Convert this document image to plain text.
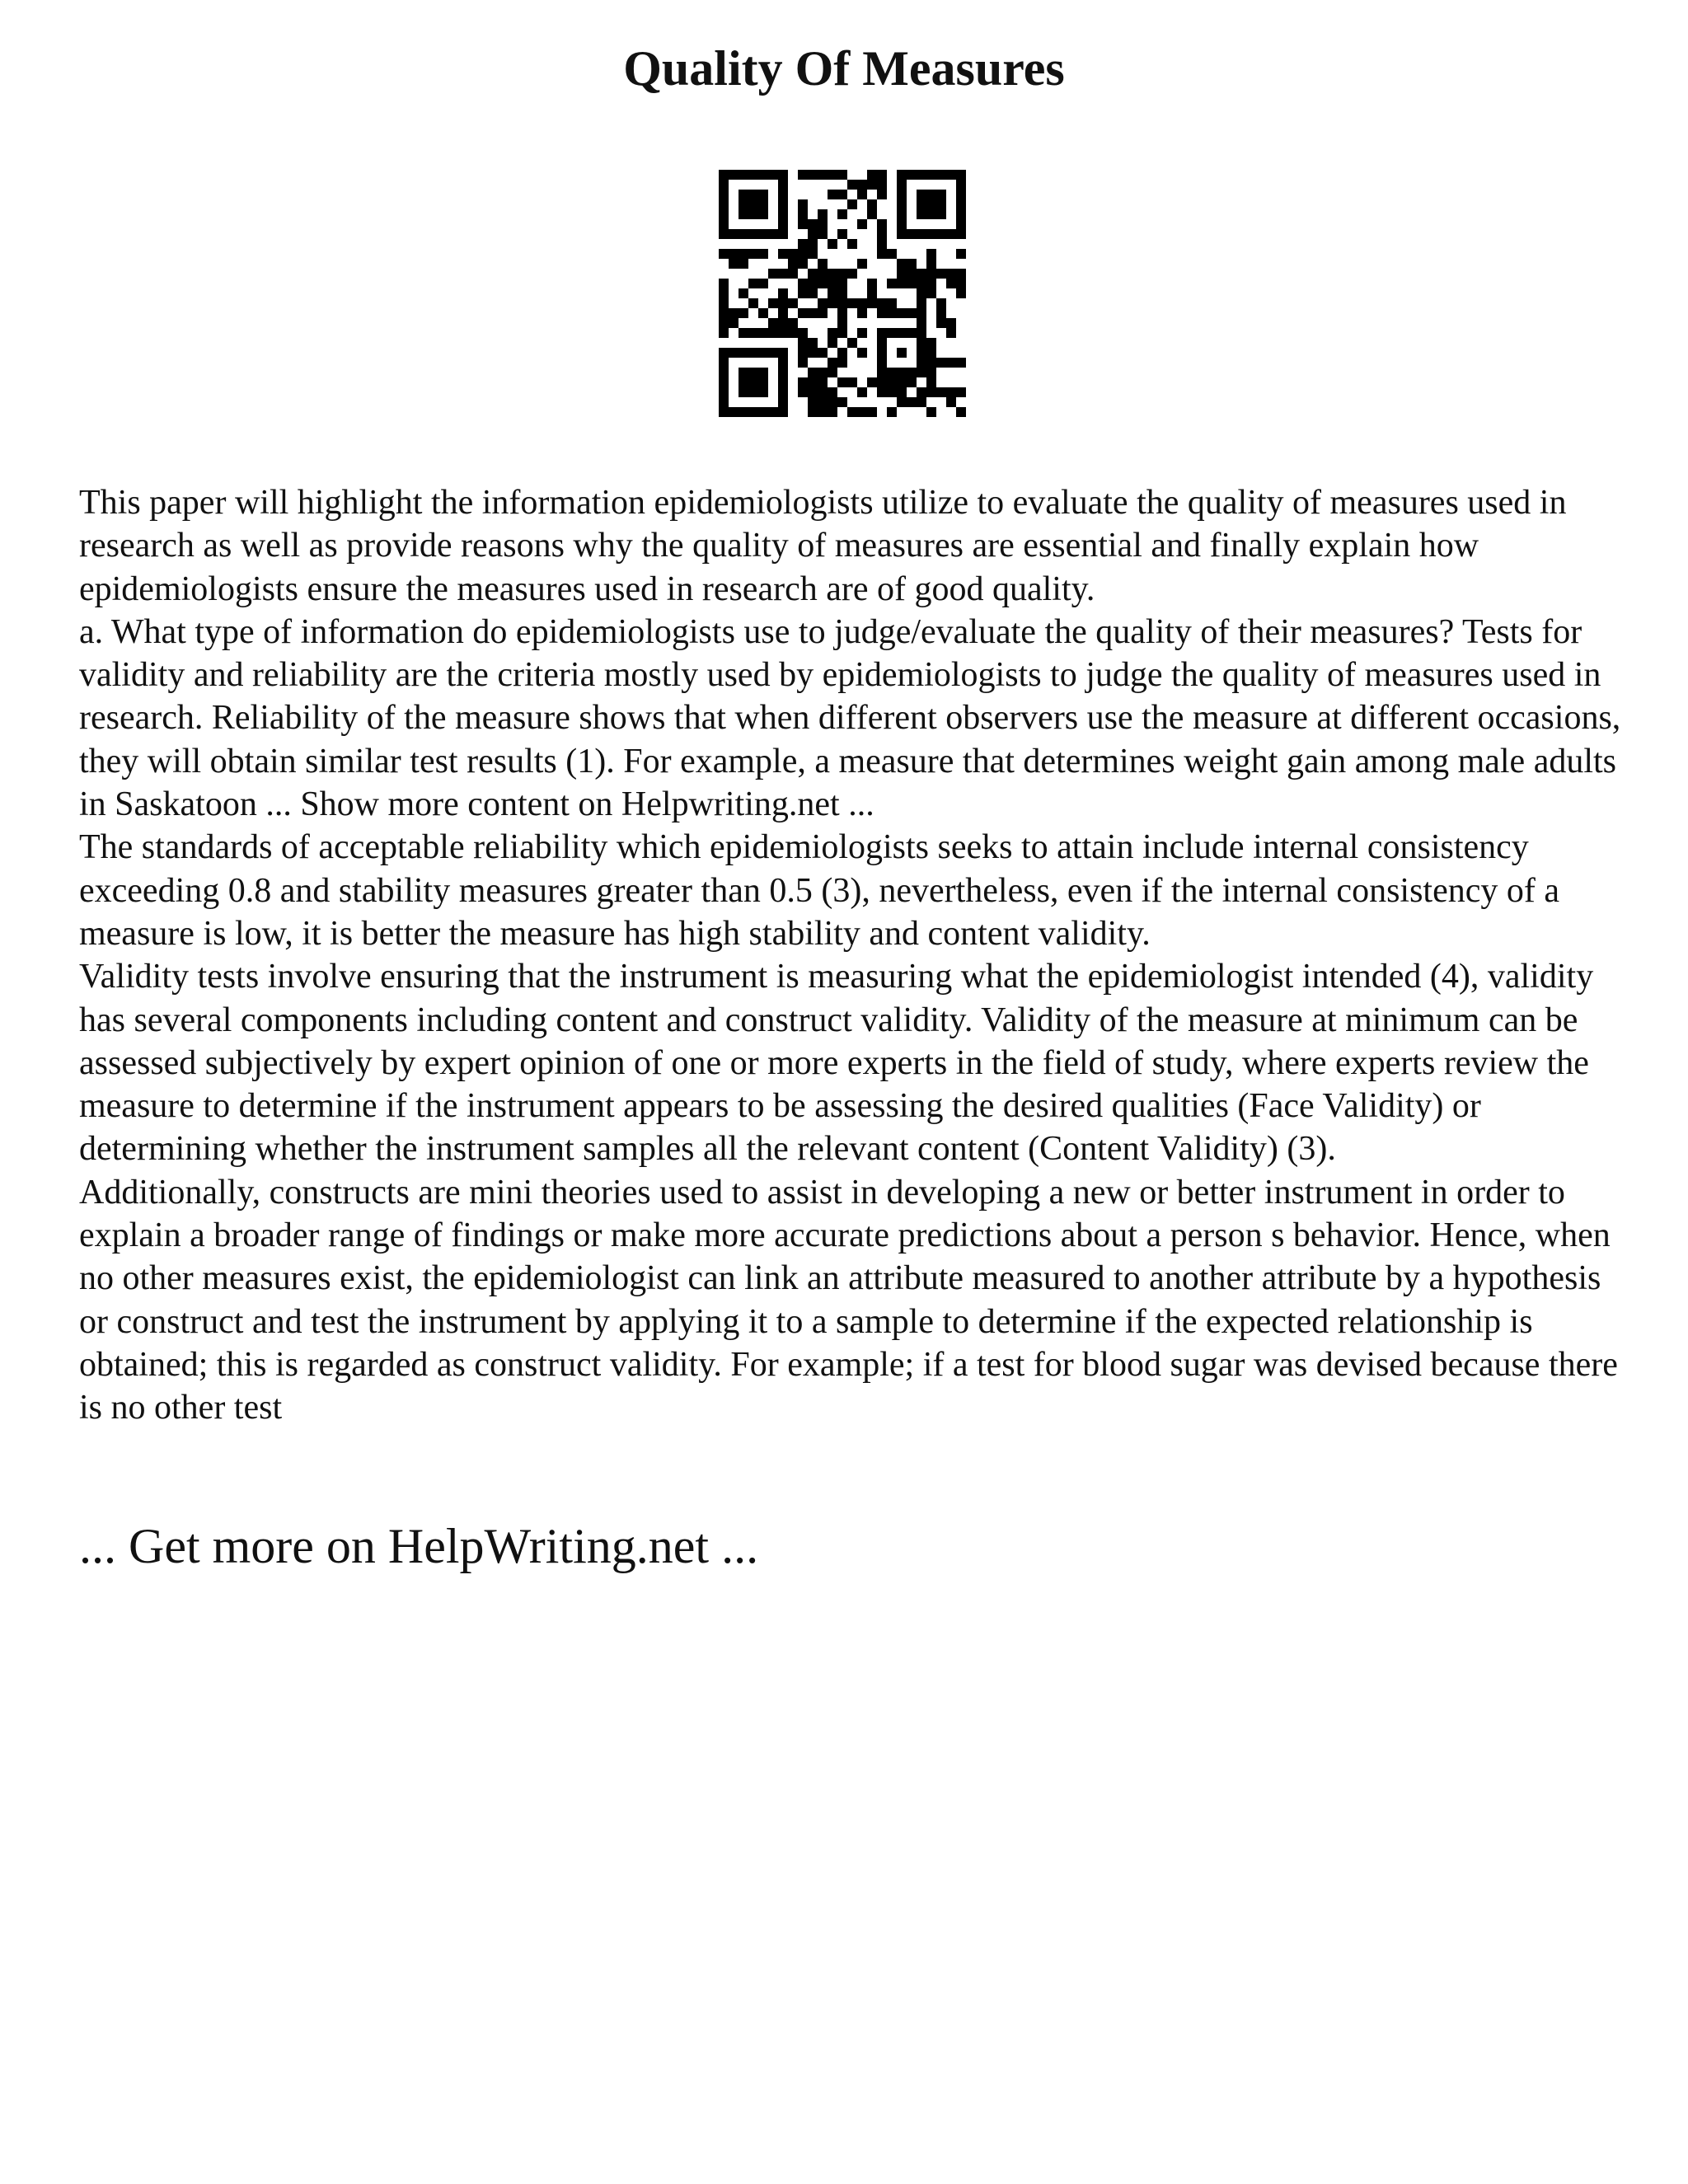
Quality Of Measures

This paper will highlight the information epidemiologists utilize to evaluate the quality of measures used in research as well as provide reasons why the quality of measures are essential and finally explain how epidemiologists ensure the measures used in research are of good quality.

a. What type of information do epidemiologists use to judge/evaluate the quality of their measures? Tests for validity and reliability are the criteria mostly used by epidemiologists to judge the quality of measures used in research. Reliability of the measure shows that when different observers use the measure at different occasions, they will obtain similar test results (1). For example, a measure that determines weight gain among male adults in Saskatoon ... Show more content on Helpwriting.net ...

The standards of acceptable reliability which epidemiologists seeks to attain include internal consistency exceeding 0.8 and stability measures greater than 0.5 (3), nevertheless, even if the internal consistency of a measure is low, it is better the measure has high stability and content validity.

Validity tests involve ensuring that the instrument is measuring what the epidemiologist intended (4), validity has several components including content and construct validity. Validity of the measure at minimum can be assessed subjectively by expert opinion of one or more experts in the field of study, where experts review the measure to determine if the instrument appears to be assessing the desired qualities (Face Validity) or determining whether the instrument samples all the relevant content (Content Validity) (3).

Additionally, constructs are mini theories used to assist in developing a new or better instrument in order to explain a broader range of findings or make more accurate predictions about a person s behavior. Hence, when no other measures exist, the epidemiologist can link an attribute measured to another attribute by a hypothesis or construct and test the instrument by applying it to a sample to determine if the expected relationship is obtained; this is regarded as construct validity. For example; if a test for blood sugar was devised because there is no other test

... Get more on HelpWriting.net ...
